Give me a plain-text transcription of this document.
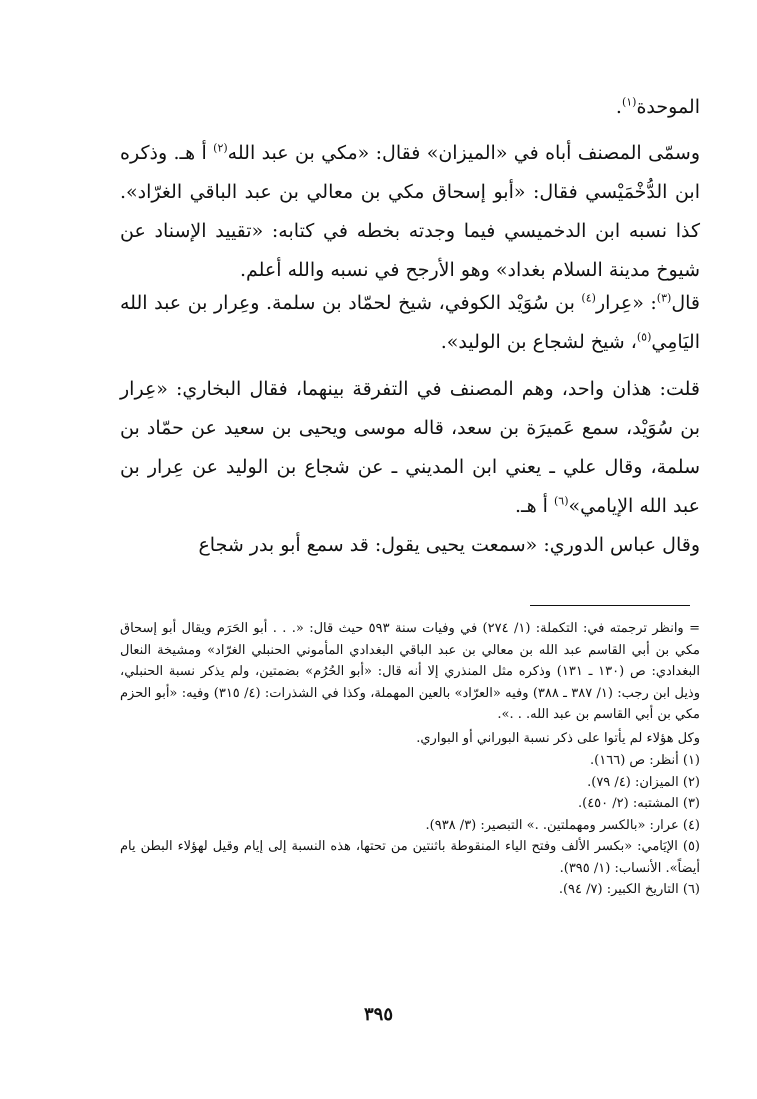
الموحدة$^{(١)}$.
وسمّى المصنف أباه في «الميزان» فقال: «مكي بن عبد الله$^{(٢)}$ أ هـ. وذكره ابن الدُّخْمَيْسي فقال: «أبو إسحاق مكي بن معالي بن عبد الباقي الغرّاد». كذا نسبه ابن الدخميسي فيما وجدته بخطه في كتابه: «تقييد الإسناد عن شيوخ مدينة السلام بغداد» وهو الأرجح في نسبه والله أعلم.
قال$^{(٣)}$: «عِرار$^{(٤)}$ بن سُوَيْد الكوفي، شيخ لحمّاد بن سلمة. وعِرار بن عبد الله اليَامِي$^{(٥)}$، شيخ لشجاع بن الوليد».
قلت: هذان واحد، وهم المصنف في التفرقة بينهما، فقال البخاري: «عِرار بن سُوَيْد، سمع عَميرَة بن سعد، قاله موسى ويحيى بن سعيد عن حمّاد بن سلمة، وقال علي ـ يعني ابن المديني ـ عن شجاع بن الوليد عن عِرار بن عبد الله الإيامي»$^{(٦)}$ أ هـ.
وقال عباس الدوري: «سمعت يحيى يقول: قد سمع أبو بدر شجاع
= وانظر ترجمته في: التكملة: (١/ ٢٧٤) في وفيات سنة ٥٩٣ حيث قال: «. . . أبو الحَرَم ويقال أبو إسحاق مكي بن أبي القاسم عبد الله بن معالي بن عبد الباقي البغدادي المأموني الحنبلي الغرّاد» ومشيخة النعال البغدادي: ص (١٣٠ ـ ١٣١) وذكره مثل المنذري إلا أنه قال: «أبو الحُرُم» بضمتين، ولم يذكر نسبة الحنبلي، وذيل ابن رجب: (١/ ٣٨٧ ـ ٣٨٨) وفيه «العرّاد» بالعين المهملة، وكذا في الشذرات: (٤/ ٣١٥) وفيه: «أبو الحزم مكي بن أبي القاسم بن عبد الله. . .».
وكل هؤلاء لم يأتوا على ذكر نسبة البوراني أو البواري.
(١) أنظر: ص (١٦٦).
(٢) الميزان: (٤/ ٧٩).
(٣) المشتبه: (٢/ ٤٥٠).
(٤) عرار: «بالكسر ومهملتين. .» التبصير: (٣/ ٩٣٨).
(٥) الإيَامي: «بكسر الألف وفتح الياء المنقوطة باثنتين من تحتها، هذه النسبة إلى إيام وقيل لهؤلاء البطن يام أيضاً». الأنساب: (١/ ٣٩٥).
(٦) التاريخ الكبير: (٧/ ٩٤).
٣٩٥
